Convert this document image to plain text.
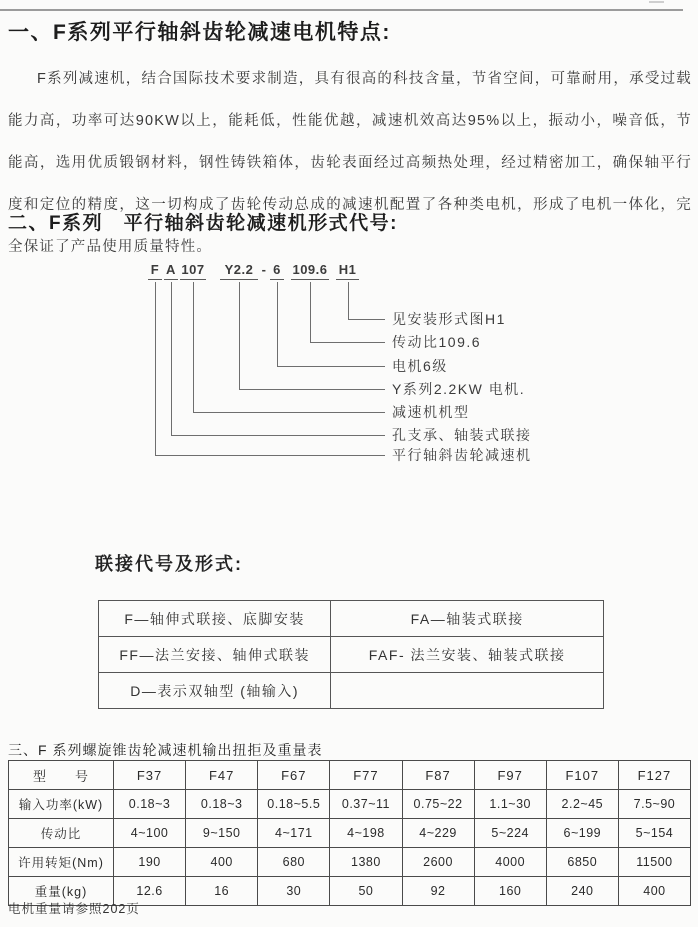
一、F系列平行轴斜齿轮减速电机特点:
F系列减速机，结合国际技术要求制造，具有很高的科技含量，节省空间，可靠耐用，承受过载能力高，功率可达90KW以上，能耗低，性能优越，减速机效高达95%以上，振动小，噪音低，节能高，选用优质锻钢材料，钢性铸铁箱体，齿轮表面经过高频热处理，经过精密加工，确保轴平行度和定位的精度，这一切构成了齿轮传动总成的减速机配置了各种类电机，形成了电机一体化，完全保证了产品使用质量特性。
二、F系列　平行轴斜齿轮减速机形式代号:
F A 107	Y2.2 - 6 109.6 H1
见安装形式图H1
传动比109.6
电机6级
Y系列2.2KW 电机.
减速机机型
孔支承、轴装式联接
平行轴斜齿轮减速机
联接代号及形式:
F—轴伸式联接、底脚安装	FA—轴装式联接
FF—法兰安接、轴伸式联装	FAF- 法兰安装、轴装式联接
D—表示双轴型 (轴输入)	
三、F 系列螺旋锥齿轮减速机输出扭拒及重量表
型　　号	F37	F47	F67	F77	F87	F97	F107	F127
输入功率(kW)	0.18~3	0.18~3	0.18~5.5	0.37~11	0.75~22	1.1~30	2.2~45	7.5~90
传动比	4~100	9~150	4~171	4~198	4~229	5~224	6~199	5~154
许用转矩(Nm)	190	400	680	1380	2600	4000	6850	11500
重量(kg)	12.6	16	30	50	92	160	240	400
电机重量请参照202页
